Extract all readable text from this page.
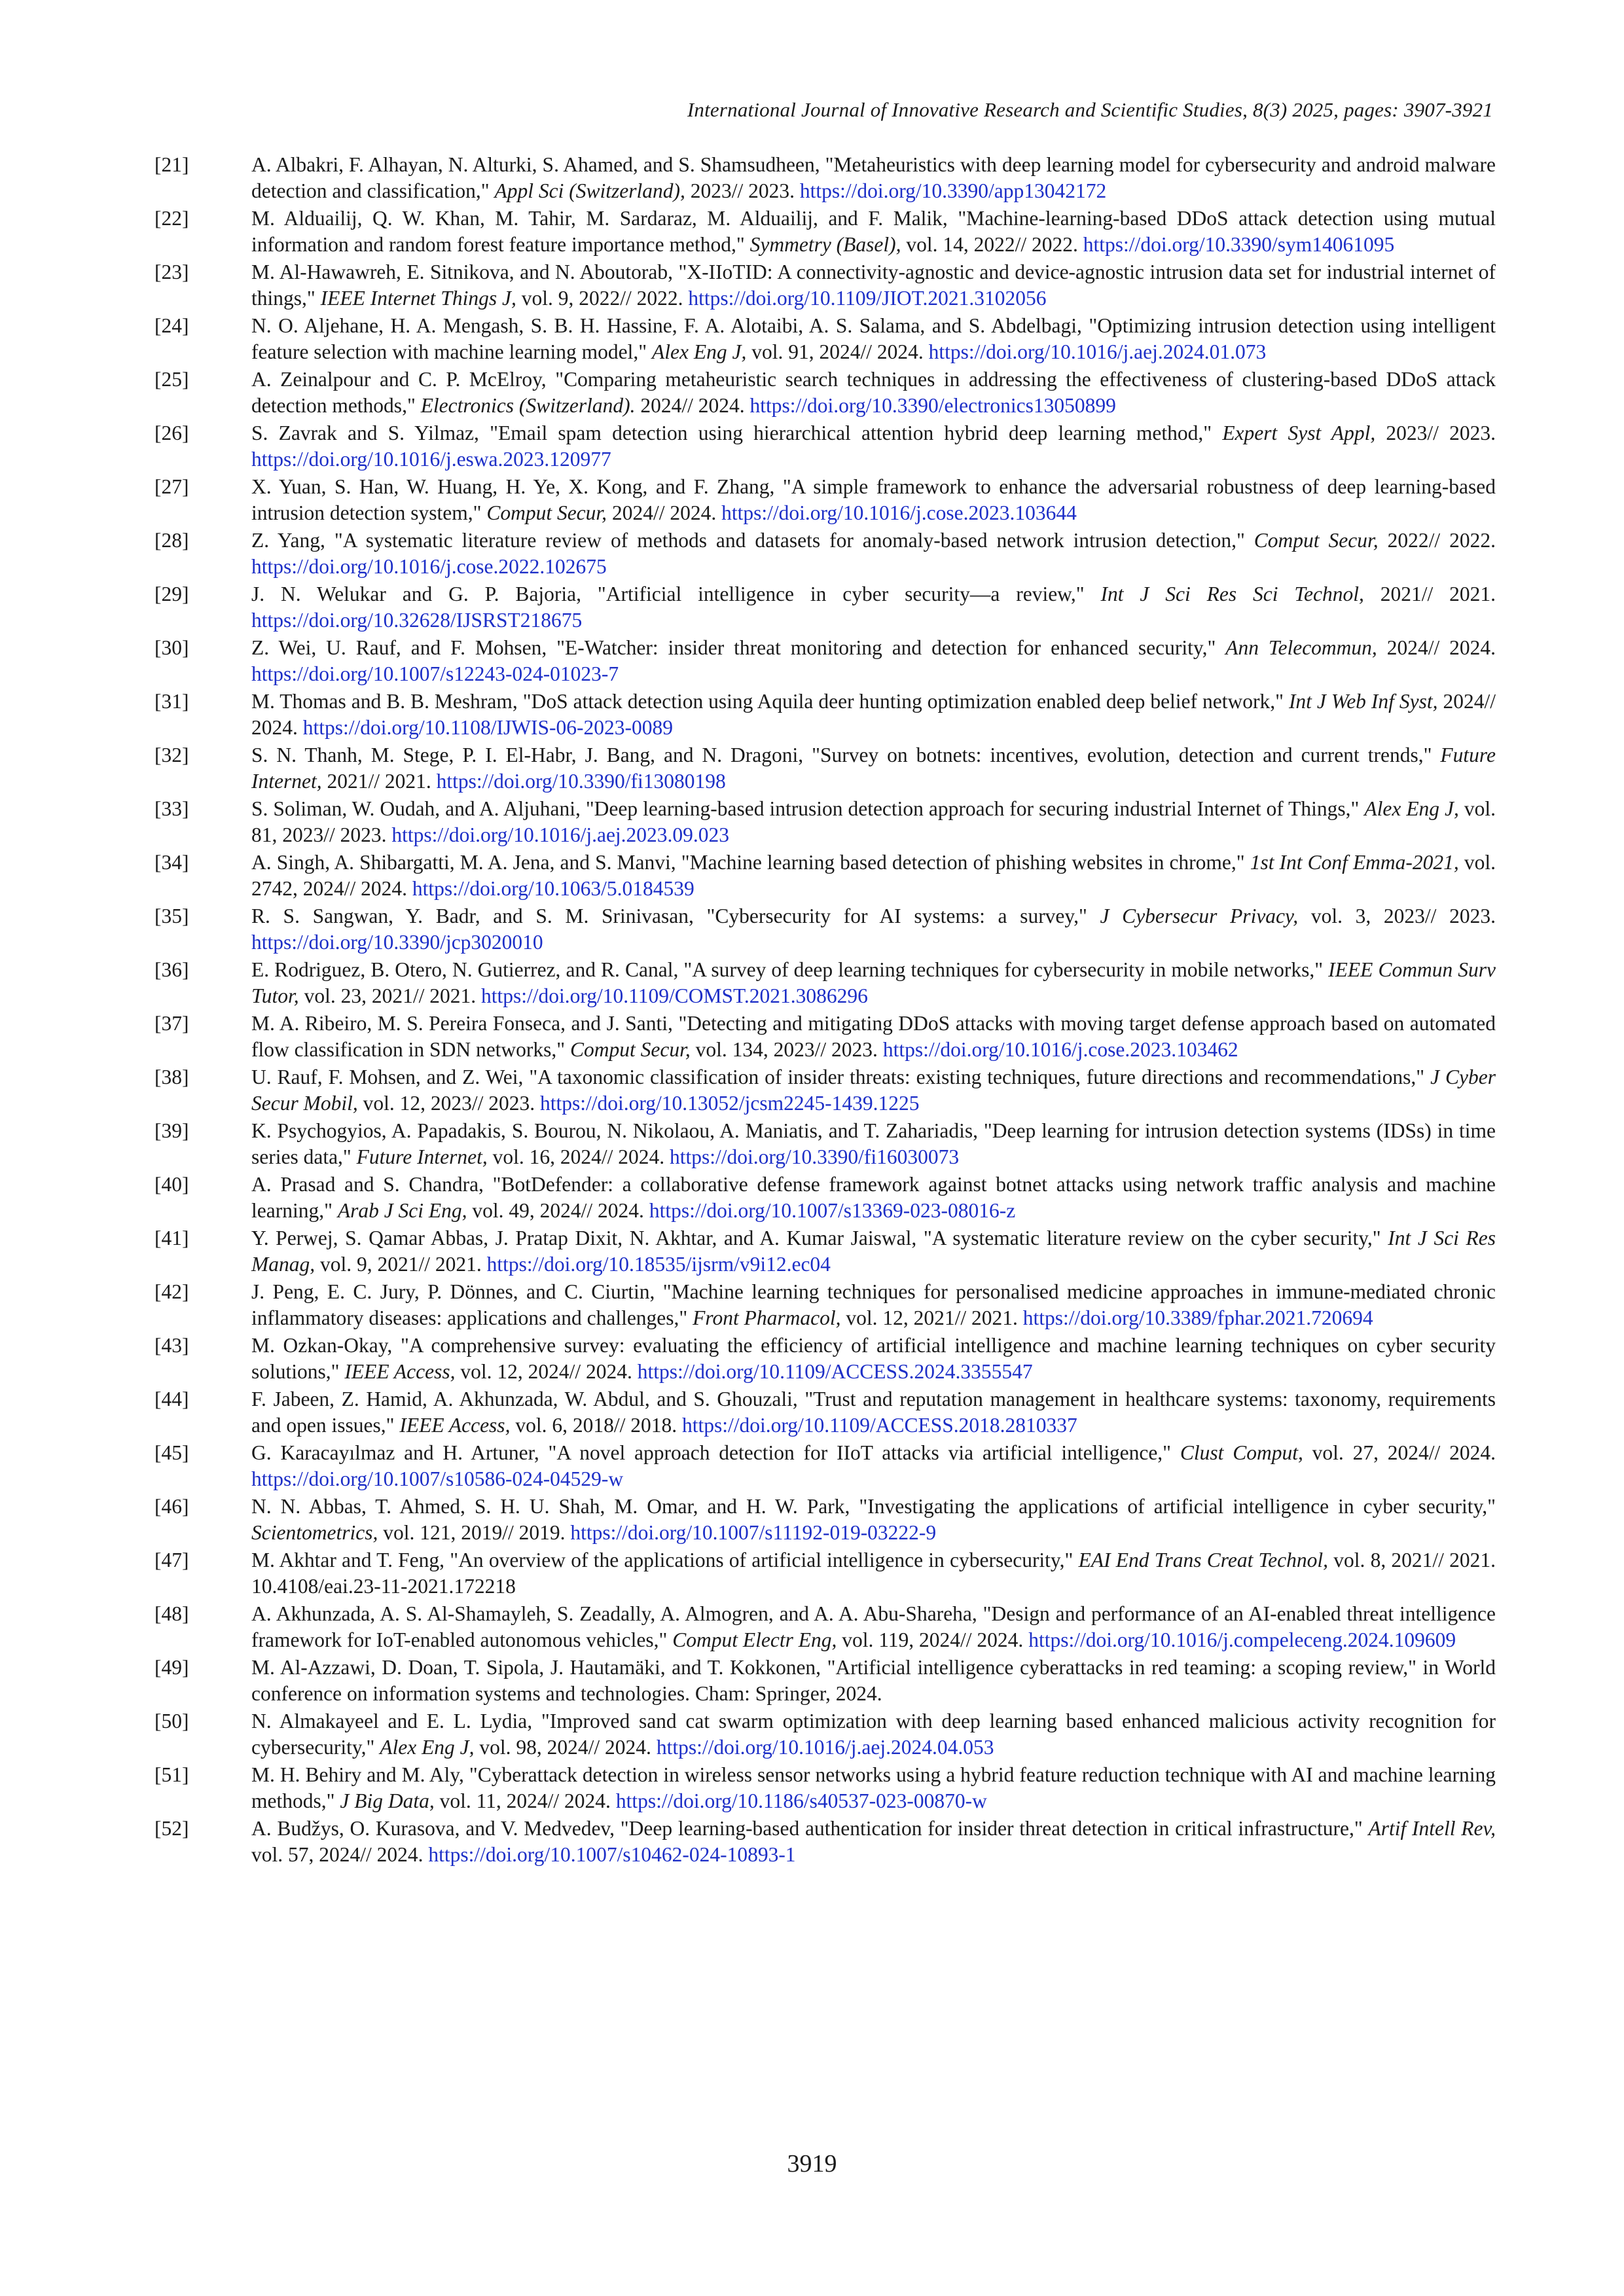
International Journal of Innovative Research and Scientific Studies, 8(3) 2025, pages: 3907-3921
[21]	A. Albakri, F. Alhayan, N. Alturki, S. Ahamed, and S. Shamsudheen, "Metaheuristics with deep learning model for cybersecurity and android malware detection and classification," Appl Sci (Switzerland), 2023// 2023. https://doi.org/10.3390/app13042172
[22]	M. Alduailij, Q. W. Khan, M. Tahir, M. Sardaraz, M. Alduailij, and F. Malik, "Machine-learning-based DDoS attack detection using mutual information and random forest feature importance method," Symmetry (Basel), vol. 14, 2022// 2022. https://doi.org/10.3390/sym14061095
[23]	M. Al-Hawawreh, E. Sitnikova, and N. Aboutorab, "X-IIoTID: A connectivity-agnostic and device-agnostic intrusion data set for industrial internet of things," IEEE Internet Things J, vol. 9, 2022// 2022. https://doi.org/10.1109/JIOT.2021.3102056
[24]	N. O. Aljehane, H. A. Mengash, S. B. H. Hassine, F. A. Alotaibi, A. S. Salama, and S. Abdelbagi, "Optimizing intrusion detection using intelligent feature selection with machine learning model," Alex Eng J, vol. 91, 2024// 2024. https://doi.org/10.1016/j.aej.2024.01.073
[25]	A. Zeinalpour and C. P. McElroy, "Comparing metaheuristic search techniques in addressing the effectiveness of clustering-based DDoS attack detection methods," Electronics (Switzerland). 2024// 2024. https://doi.org/10.3390/electronics13050899
[26]	S. Zavrak and S. Yilmaz, "Email spam detection using hierarchical attention hybrid deep learning method," Expert Syst Appl, 2023// 2023. https://doi.org/10.1016/j.eswa.2023.120977
[27]	X. Yuan, S. Han, W. Huang, H. Ye, X. Kong, and F. Zhang, "A simple framework to enhance the adversarial robustness of deep learning-based intrusion detection system," Comput Secur, 2024// 2024. https://doi.org/10.1016/j.cose.2023.103644
[28]	Z. Yang, "A systematic literature review of methods and datasets for anomaly-based network intrusion detection," Comput Secur, 2022// 2022. https://doi.org/10.1016/j.cose.2022.102675
[29]	J. N. Welukar and G. P. Bajoria, "Artificial intelligence in cyber security—a review," Int J Sci Res Sci Technol, 2021// 2021. https://doi.org/10.32628/IJSRST218675
[30]	Z. Wei, U. Rauf, and F. Mohsen, "E-Watcher: insider threat monitoring and detection for enhanced security," Ann Telecommun, 2024// 2024. https://doi.org/10.1007/s12243-024-01023-7
[31]	M. Thomas and B. B. Meshram, "DoS attack detection using Aquila deer hunting optimization enabled deep belief network," Int J Web Inf Syst, 2024// 2024. https://doi.org/10.1108/IJWIS-06-2023-0089
[32]	S. N. Thanh, M. Stege, P. I. El-Habr, J. Bang, and N. Dragoni, "Survey on botnets: incentives, evolution, detection and current trends," Future Internet, 2021// 2021. https://doi.org/10.3390/fi13080198
[33]	S. Soliman, W. Oudah, and A. Aljuhani, "Deep learning-based intrusion detection approach for securing industrial Internet of Things," Alex Eng J, vol. 81, 2023// 2023. https://doi.org/10.1016/j.aej.2023.09.023
[34]	A. Singh, A. Shibargatti, M. A. Jena, and S. Manvi, "Machine learning based detection of phishing websites in chrome," 1st Int Conf Emma-2021, vol. 2742, 2024// 2024. https://doi.org/10.1063/5.0184539
[35]	R. S. Sangwan, Y. Badr, and S. M. Srinivasan, "Cybersecurity for AI systems: a survey," J Cybersecur Privacy, vol. 3, 2023// 2023. https://doi.org/10.3390/jcp3020010
[36]	E. Rodriguez, B. Otero, N. Gutierrez, and R. Canal, "A survey of deep learning techniques for cybersecurity in mobile networks," IEEE Commun Surv Tutor, vol. 23, 2021// 2021. https://doi.org/10.1109/COMST.2021.3086296
[37]	M. A. Ribeiro, M. S. Pereira Fonseca, and J. Santi, "Detecting and mitigating DDoS attacks with moving target defense approach based on automated flow classification in SDN networks," Comput Secur, vol. 134, 2023// 2023. https://doi.org/10.1016/j.cose.2023.103462
[38]	U. Rauf, F. Mohsen, and Z. Wei, "A taxonomic classification of insider threats: existing techniques, future directions and recommendations," J Cyber Secur Mobil, vol. 12, 2023// 2023. https://doi.org/10.13052/jcsm2245-1439.1225
[39]	K. Psychogyios, A. Papadakis, S. Bourou, N. Nikolaou, A. Maniatis, and T. Zahariadis, "Deep learning for intrusion detection systems (IDSs) in time series data," Future Internet, vol. 16, 2024// 2024. https://doi.org/10.3390/fi16030073
[40]	A. Prasad and S. Chandra, "BotDefender: a collaborative defense framework against botnet attacks using network traffic analysis and machine learning," Arab J Sci Eng, vol. 49, 2024// 2024. https://doi.org/10.1007/s13369-023-08016-z
[41]	Y. Perwej, S. Qamar Abbas, J. Pratap Dixit, N. Akhtar, and A. Kumar Jaiswal, "A systematic literature review on the cyber security," Int J Sci Res Manag, vol. 9, 2021// 2021. https://doi.org/10.18535/ijsrm/v9i12.ec04
[42]	J. Peng, E. C. Jury, P. Dönnes, and C. Ciurtin, "Machine learning techniques for personalised medicine approaches in immune-mediated chronic inflammatory diseases: applications and challenges," Front Pharmacol, vol. 12, 2021// 2021. https://doi.org/10.3389/fphar.2021.720694
[43]	M. Ozkan-Okay, "A comprehensive survey: evaluating the efficiency of artificial intelligence and machine learning techniques on cyber security solutions," IEEE Access, vol. 12, 2024// 2024. https://doi.org/10.1109/ACCESS.2024.3355547
[44]	F. Jabeen, Z. Hamid, A. Akhunzada, W. Abdul, and S. Ghouzali, "Trust and reputation management in healthcare systems: taxonomy, requirements and open issues," IEEE Access, vol. 6, 2018// 2018. https://doi.org/10.1109/ACCESS.2018.2810337
[45]	G. Karacayılmaz and H. Artuner, "A novel approach detection for IIoT attacks via artificial intelligence," Clust Comput, vol. 27, 2024// 2024. https://doi.org/10.1007/s10586-024-04529-w
[46]	N. N. Abbas, T. Ahmed, S. H. U. Shah, M. Omar, and H. W. Park, "Investigating the applications of artificial intelligence in cyber security," Scientometrics, vol. 121, 2019// 2019. https://doi.org/10.1007/s11192-019-03222-9
[47]	M. Akhtar and T. Feng, "An overview of the applications of artificial intelligence in cybersecurity," EAI End Trans Creat Technol, vol. 8, 2021// 2021. 10.4108/eai.23-11-2021.172218
[48]	A. Akhunzada, A. S. Al-Shamayleh, S. Zeadally, A. Almogren, and A. A. Abu-Shareha, "Design and performance of an AI-enabled threat intelligence framework for IoT-enabled autonomous vehicles," Comput Electr Eng, vol. 119, 2024// 2024. https://doi.org/10.1016/j.compeleceng.2024.109609
[49]	M. Al-Azzawi, D. Doan, T. Sipola, J. Hautamäki, and T. Kokkonen, "Artificial intelligence cyberattacks in red teaming: a scoping review," in World conference on information systems and technologies. Cham: Springer, 2024.
[50]	N. Almakayeel and E. L. Lydia, "Improved sand cat swarm optimization with deep learning based enhanced malicious activity recognition for cybersecurity," Alex Eng J, vol. 98, 2024// 2024. https://doi.org/10.1016/j.aej.2024.04.053
[51]	M. H. Behiry and M. Aly, "Cyberattack detection in wireless sensor networks using a hybrid feature reduction technique with AI and machine learning methods," J Big Data, vol. 11, 2024// 2024. https://doi.org/10.1186/s40537-023-00870-w
[52]	A. Budžys, O. Kurasova, and V. Medvedev, "Deep learning-based authentication for insider threat detection in critical infrastructure," Artif Intell Rev, vol. 57, 2024// 2024. https://doi.org/10.1007/s10462-024-10893-1
3919
